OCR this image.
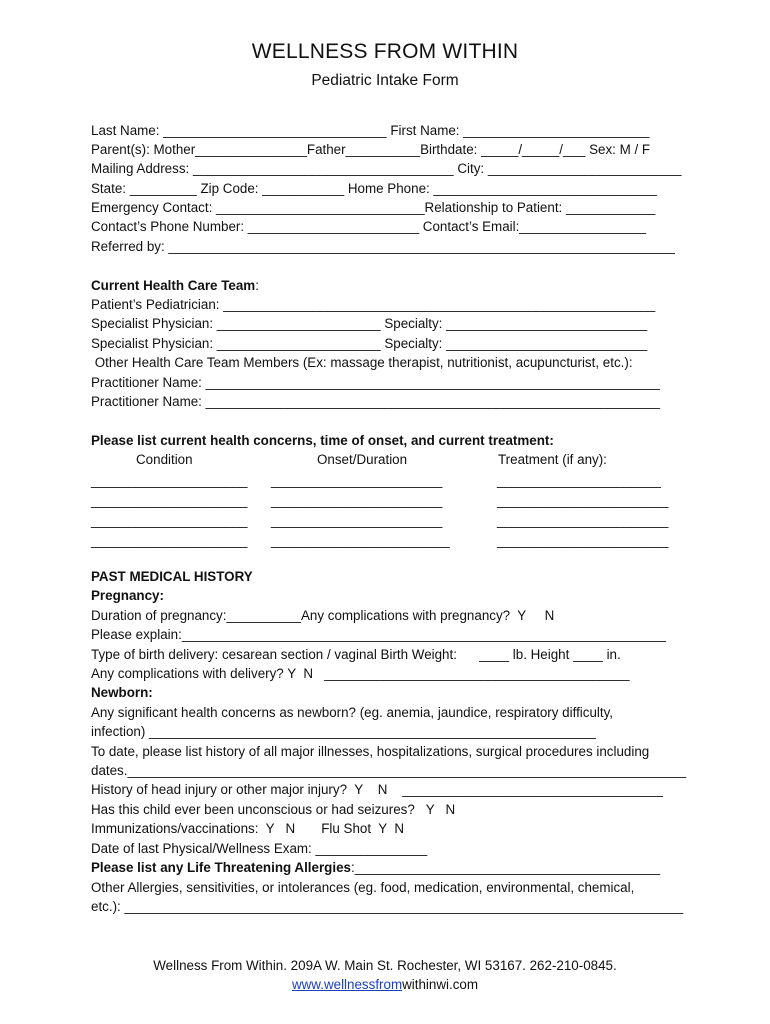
WELLNESS FROM WITHIN
Pediatric Intake Form
Last Name: ______________________________ First Name: _________________________
Parent(s): Mother_______________Father__________Birthdate: _____/_____/___ Sex: M / F
Mailing Address: ___________________________________ City: __________________________
State: _________ Zip Code: ___________ Home Phone: ______________________________
Emergency Contact: ____________________________Relationship to Patient: ____________
Contact’s Phone Number: _______________________ Contact’s Email:_________________
Referred by: ____________________________________________________________________
Current Health Care Team:
Patient’s Pediatrician: __________________________________________________________
Specialist Physician: ______________________ Specialty: ___________________________
Specialist Physician: ______________________ Specialty: ___________________________
Other Health Care Team Members (Ex: massage therapist, nutritionist, acupuncturist, etc.):
Practitioner Name: _____________________________________________________________
Practitioner Name: _____________________________________________________________
Please list current health concerns, time of onset, and current treatment:
Condition	Onset/Duration	Treatment (if any):
_____________________ _______________________	______________________
_____________________ _______________________	_______________________
_____________________ _______________________	_______________________
_____________________ ________________________	_______________________
PAST MEDICAL HISTORY
Pregnancy:
Duration of pregnancy:__________Any complications with pregnancy?  Y     N
Please explain:_________________________________________________________________
Type of birth delivery: cesarean section / vaginal Birth Weight:      ____ lb. Height ____ in.
Any complications with delivery? Y  N   _________________________________________
Newborn:
Any significant health concerns as newborn? (eg. anemia, jaundice, respiratory difficulty,
infection) ____________________________________________________________
To date, please list history of all major illnesses, hospitalizations, surgical procedures including
dates.___________________________________________________________________________
History of head injury or other major injury?  Y    N    ___________________________________
Has this child ever been unconscious or had seizures?   Y   N
Immunizations/vaccinations:  Y   N       Flu Shot  Y  N
Date of last Physical/Wellness Exam: _______________
Please list any Life Threatening Allergies:_________________________________________
Other Allergies, sensitivities, or intolerances (eg. food, medication, environmental, chemical,
etc.): ___________________________________________________________________________
Wellness From Within. 209A W. Main St. Rochester, WI 53167. 262-210-0845.
www.wellnessfromwithinwi.com
